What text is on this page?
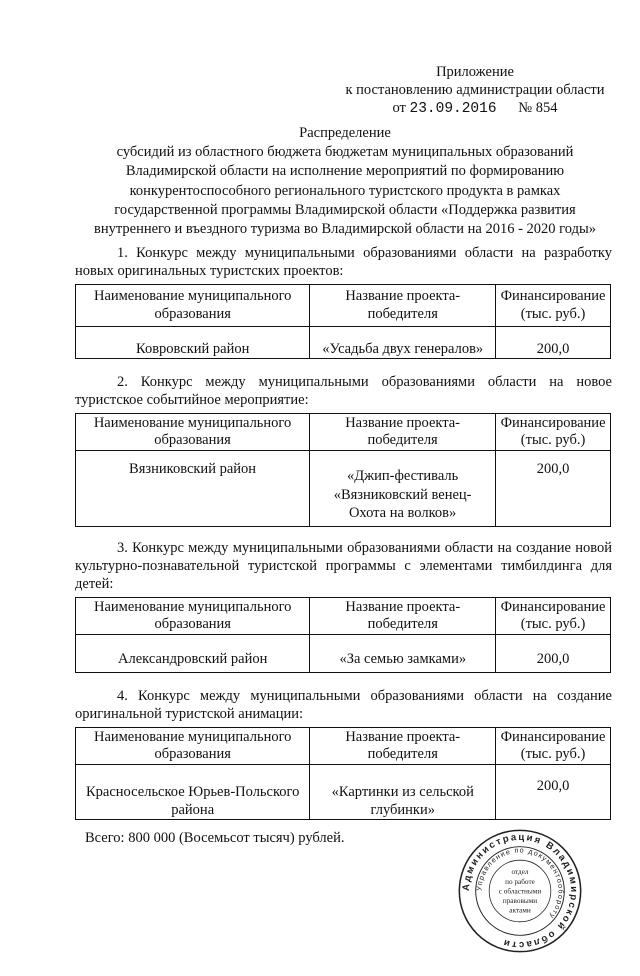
Приложение
к постановлению администрации области
от 23.09.2016 № 854
Распределение
субсидий из областного бюджета бюджетам муниципальных образований
Владимирской области на исполнение мероприятий по формированию
конкурентоспособного регионального туристского продукта в рамках
государственной программы Владимирской области «Поддержка развития
внутреннего и въездного туризма во Владимирской области на 2016 - 2020 годы»
1. Конкурс между муниципальными образованиями области на разработку новых оригинальных туристских проектов:
Наименование муниципального
образования	Название проекта-
победителя	Финансирование
(тыс. руб.)
Ковровский район	«Усадьба двух генералов»	200,0
2. Конкурс между муниципальными образованиями области на новое туристское событийное мероприятие:
Наименование муниципального
образования	Название проекта-
победителя	Финансирование
(тыс. руб.)
Вязниковский район	«Джип-фестиваль
«Вязниковский венец-
Охота на волков»	200,0
3. Конкурс между муниципальными образованиями области на создание новой культурно-познавательной туристской программы с элементами тимбилдинга для детей:
Наименование муниципального
образования	Название проекта-
победителя	Финансирование
(тыс. руб.)
Александровский район	«За семью замками»	200,0
4. Конкурс между муниципальными образованиями области на создание оригинальной туристской анимации:
Наименование муниципального
образования	Название проекта-
победителя	Финансирование
(тыс. руб.)
Красносельское Юрьев-Польского
района	«Картинки из сельской
глубинки»	200,0
Всего: 800 000 (Восемьсот тысяч) рублей.
Администрация Владимирской области
Управление по документообороту
отдел
по работе
с областными
правовыми
актами
